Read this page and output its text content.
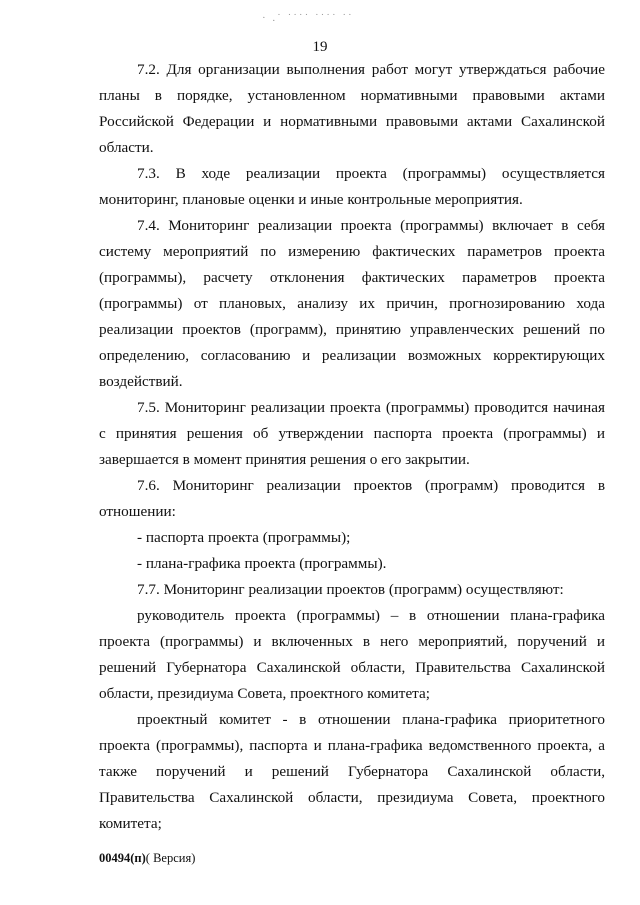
· .˙ ˙˙˙˙ ˙˙˙˙ ˙˙
19

7.2. Для организации выполнения работ могут утверждаться рабочие планы в порядке, установленном нормативными правовыми актами Российской Федерации и нормативными правовыми актами Сахалинской области.

7.3. В ходе реализации проекта (программы) осуществляется мониторинг, плановые оценки и иные контрольные мероприятия.

7.4. Мониторинг реализации проекта (программы) включает в себя систему мероприятий по измерению фактических параметров проекта (программы), расчету отклонения фактических параметров проекта (программы) от плановых, анализу их причин, прогнозированию хода реализации проектов (программ), принятию управленческих решений по определению, согласованию и реализации возможных корректирующих воздействий.

7.5. Мониторинг реализации проекта (программы) проводится начиная с принятия решения об утверждении паспорта проекта (программы) и завершается в момент принятия решения о его закрытии.

7.6. Мониторинг реализации проектов (программ) проводится в отношении:

- паспорта проекта (программы);

- плана-графика проекта (программы).

7.7. Мониторинг реализации проектов (программ) осуществляют:

руководитель проекта (программы) – в отношении плана-графика проекта (программы) и включенных в него мероприятий, поручений и решений Губернатора Сахалинской области, Правительства Сахалинской области, президиума Совета, проектного комитета;

проектный комитет - в отношении плана-графика приоритетного проекта (программы), паспорта и плана-графика ведомственного проекта, а также поручений и решений Губернатора Сахалинской области, Правительства Сахалинской области, президиума Совета, проектного комитета;

00494(п)( Версия)
